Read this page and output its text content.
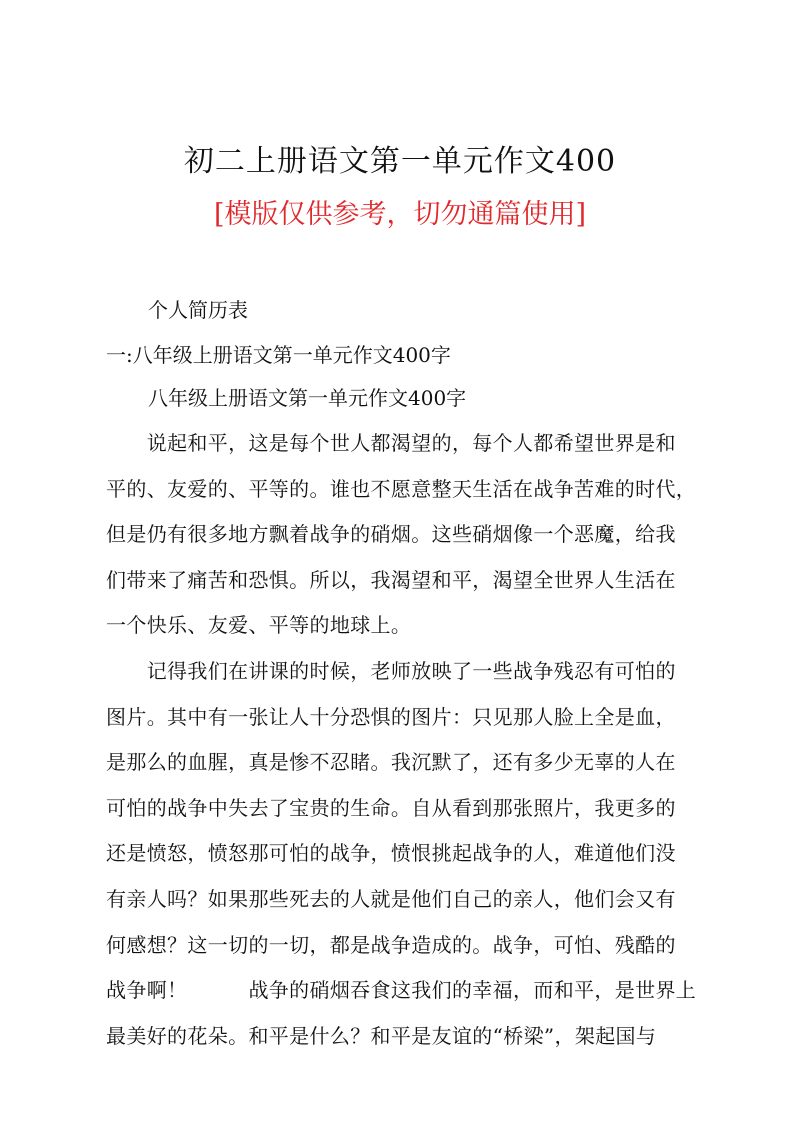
初二上册语文第一单元作文400
[模版仅供参考，切勿通篇使用]
个人简历表
一:八年级上册语文第一单元作文400字
八年级上册语文第一单元作文400字
　　说起和平，这是每个世人都渴望的，每个人都希望世界是和
平的、友爱的、平等的。谁也不愿意整天生活在战争苦难的时代，
但是仍有很多地方飘着战争的硝烟。这些硝烟像一个恶魔，给我
们带来了痛苦和恐惧。所以，我渴望和平，渴望全世界人生活在
一个快乐、友爱、平等的地球上。
　　记得我们在讲课的时候，老师放映了一些战争残忍有可怕的
图片。其中有一张让人十分恐惧的图片：只见那人脸上全是血，
是那么的血腥，真是惨不忍睹。我沉默了，还有多少无辜的人在
可怕的战争中失去了宝贵的生命。自从看到那张照片，我更多的
还是愤怒，愤怒那可怕的战争，愤恨挑起战争的人，难道他们没
有亲人吗？如果那些死去的人就是他们自己的亲人，他们会又有
何感想？这一切的一切，都是战争造成的。战争，可怕、残酷的
战争啊！　　　战争的硝烟吞食这我们的幸福，而和平，是世界上
最美好的花朵。和平是什么？和平是友谊的“桥梁”，架起国与
